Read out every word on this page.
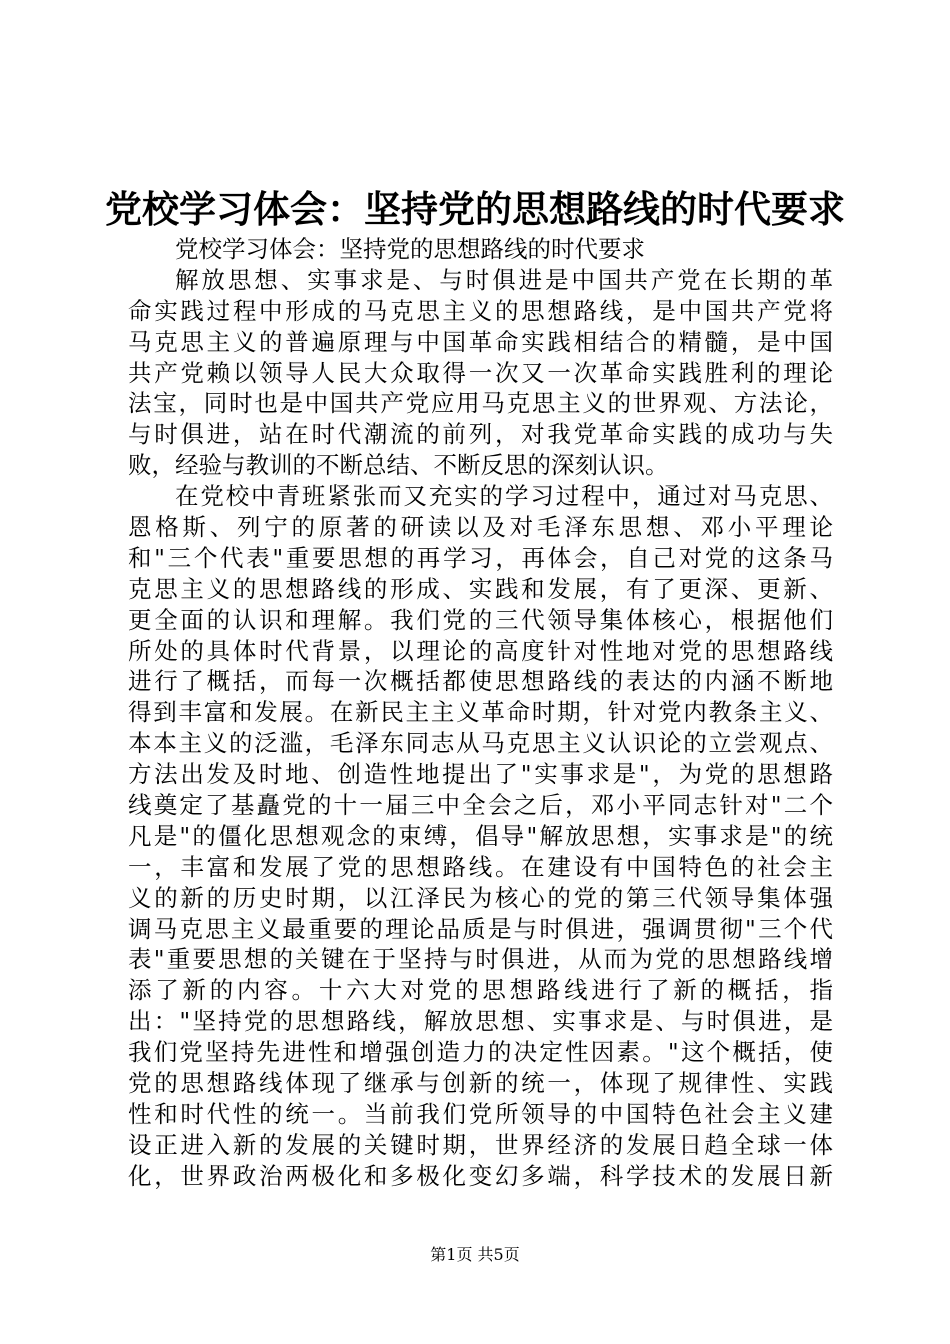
党校学习体会：坚持党的思想路线的时代要求
党校学习体会：坚持党的思想路线的时代要求
解放思想、实事求是、与时俱进是中国共产党在长期的革
命实践过程中形成的马克思主义的思想路线，是中国共产党将
马克思主义的普遍原理与中国革命实践相结合的精髓，是中国
共产党赖以领导人民大众取得一次又一次革命实践胜利的理论
法宝，同时也是中国共产党应用马克思主义的世界观、方法论，
与时俱进，站在时代潮流的前列，对我党革命实践的成功与失
败，经验与教训的不断总结、不断反思的深刻认识。
在党校中青班紧张而又充实的学习过程中，通过对马克思、
恩格斯、列宁的原著的研读以及对毛泽东思想、邓小平理论
和"三个代表"重要思想的再学习，再体会，自己对党的这条马
克思主义的思想路线的形成、实践和发展，有了更深、更新、
更全面的认识和理解。我们党的三代领导集体核心，根据他们
所处的具体时代背景，以理论的高度针对性地对党的思想路线
进行了概括，而每一次概括都使思想路线的表达的内涵不断地
得到丰富和发展。在新民主主义革命时期，针对党内教条主义、
本本主义的泛滥，毛泽东同志从马克思主义认识论的立尝观点、
方法出发及时地、创造性地提出了"实事求是"，为党的思想路
线奠定了基矗党的十一届三中全会之后，邓小平同志针对"二个
凡是"的僵化思想观念的束缚，倡导"解放思想，实事求是"的统
一，丰富和发展了党的思想路线。在建设有中国特色的社会主
义的新的历史时期，以江泽民为核心的党的第三代领导集体强
调马克思主义最重要的理论品质是与时俱进，强调贯彻"三个代
表"重要思想的关键在于坚持与时俱进，从而为党的思想路线增
添了新的内容。十六大对党的思想路线进行了新的概括，指
出："坚持党的思想路线，解放思想、实事求是、与时俱进，是
我们党坚持先进性和增强创造力的决定性因素。"这个概括，使
党的思想路线体现了继承与创新的统一，体现了规律性、实践
性和时代性的统一。当前我们党所领导的中国特色社会主义建
设正进入新的发展的关键时期，世界经济的发展日趋全球一体
化，世界政治两极化和多极化变幻多端，科学技术的发展日新
第1页 共5页
